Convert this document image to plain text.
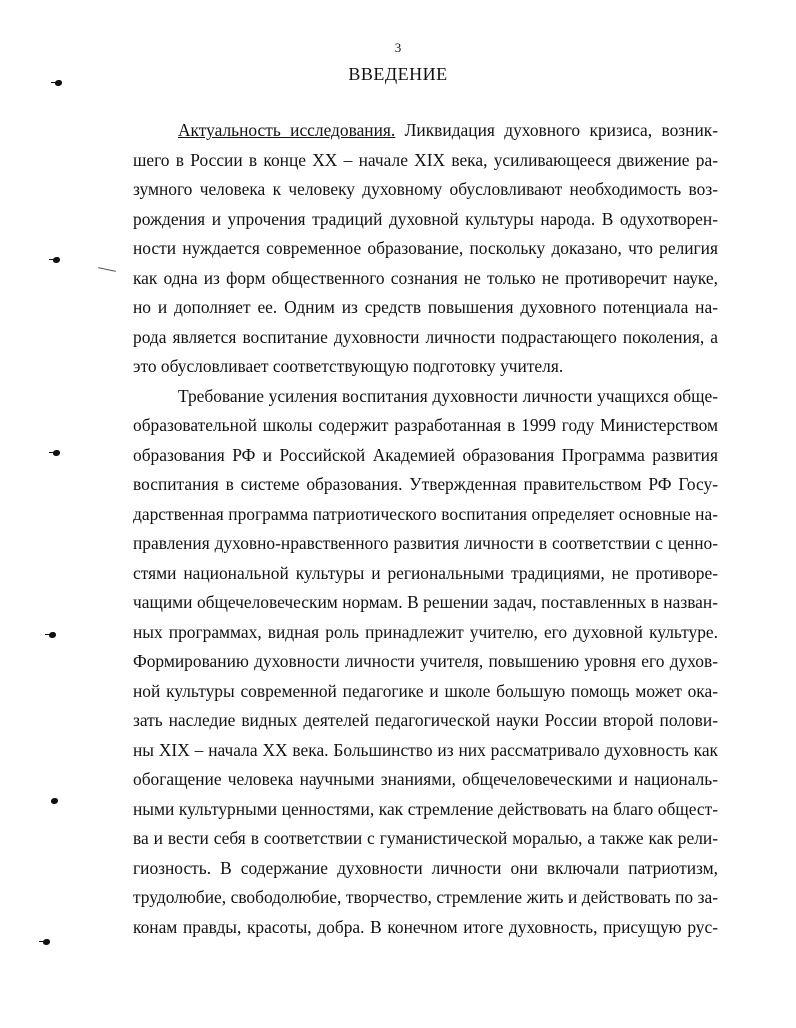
3
ВВЕДЕНИЕ
Актуальность исследования. Ликвидация духовного кризиса, возник-
шего в России в конце XX – начале XIX века, усиливающееся движение ра-
зумного человека к человеку духовному обусловливают необходимость воз-
рождения и упрочения традиций духовной культуры народа. В одухотворен-
ности нуждается современное образование, поскольку доказано, что религия
как одна из форм общественного сознания не только не противоречит науке,
но и дополняет ее. Одним из средств повышения духовного потенциала на-
рода является воспитание духовности личности подрастающего поколения, а
это обусловливает соответствующую подготовку учителя.
Требование усиления воспитания духовности личности учащихся обще-
образовательной школы содержит разработанная в 1999 году Министерством
образования РФ и Российской Академией образования Программа развития
воспитания в системе образования. Утвержденная правительством РФ Госу-
дарственная программа патриотического воспитания определяет основные на-
правления духовно-нравственного развития личности в соответствии с ценно-
стями национальной культуры и региональными традициями, не противоре-
чащими общечеловеческим нормам. В решении задач, поставленных в назван-
ных программах, видная роль принадлежит учителю, его духовной культуре.
Формированию духовности личности учителя, повышению уровня его духов-
ной культуры современной педагогике и школе большую помощь может ока-
зать наследие видных деятелей педагогической науки России второй полови-
ны XIX – начала XX века. Большинство из них рассматривало духовность как
обогащение человека научными знаниями, общечеловеческими и националь-
ными культурными ценностями, как стремление действовать на благо общест-
ва и вести себя в соответствии с гуманистической моралью, а также как рели-
гиозность. В содержание духовности личности они включали патриотизм,
трудолюбие, свободолюбие, творчество, стремление жить и действовать по за-
конам правды, красоты, добра. В конечном итоге духовность, присущую рус-
